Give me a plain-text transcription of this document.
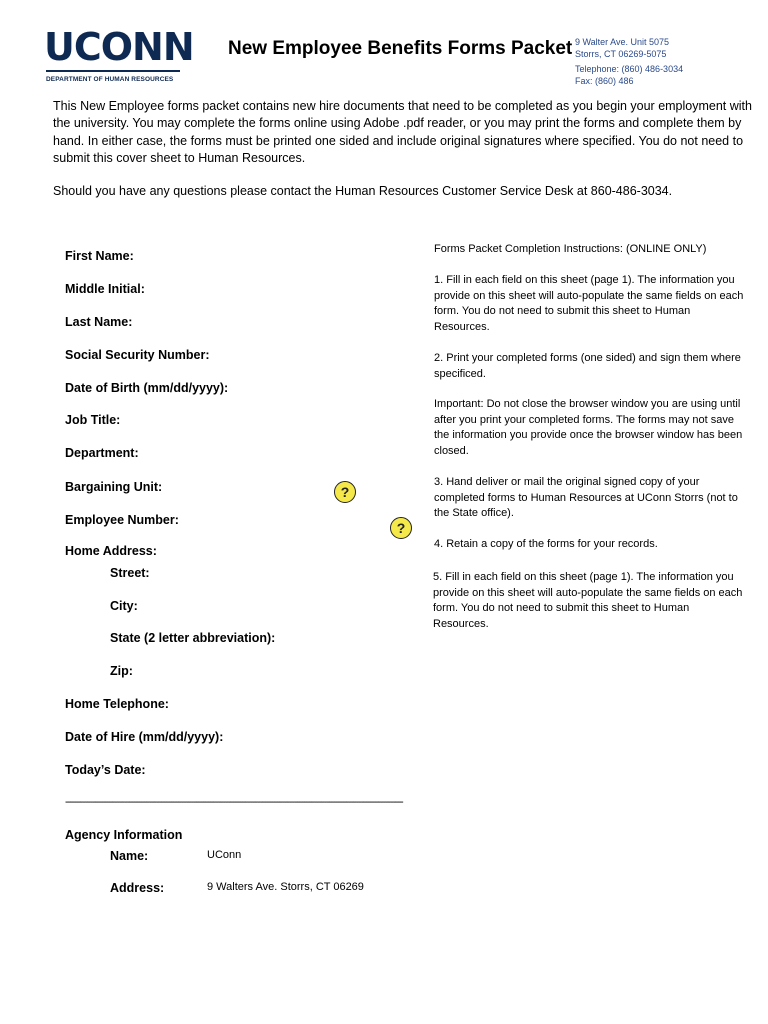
UCONN
DEPARTMENT OF HUMAN RESOURCES
New Employee Benefits Forms Packet 9 Walter Ave. Unit 5075
Storrs, CT 06269-5075
Telephone: (860) 486-3034
Fax: (860) 486
This New Employee forms packet contains new hire documents that need to be completed as you begin your employment with the university. You may complete the forms online using Adobe .pdf reader, or you may print the forms and complete them by hand. In either case, the forms must be printed one sided and include original signatures where specified. You do not need to submit this cover sheet to Human Resources.
Should you have any questions please contact the Human Resources Customer Service Desk at 860-486-3034.
First Name:
Middle Initial:
Last Name:
Social Security Number:
Date of Birth (mm/dd/yyyy):
Job Title:
Department:
Bargaining Unit:
Employee Number:
Home Address:
Street:
City:
State (2 letter abbreviation):
Zip:
Home Telephone:
Date of Hire (mm/dd/yyyy):
Today’s Date:
?
?
Forms Packet Completion Instructions: (ONLINE ONLY)
1. Fill in each field on this sheet (page 1). The information you provide on this sheet will auto-populate the same fields on each form. You do not need to submit this sheet to Human Resources.
2. Print your completed forms (one sided) and sign them where specificed.
Important: Do not close the browser window you are using until after you print your completed forms. The forms may not save the information you provide once the browser window has been closed.
3. Hand deliver or mail the original signed copy of your completed forms to Human Resources at UConn Storrs (not to the State office).
4. Retain a copy of the forms for your records.
5. Fill in each field on this sheet (page 1). The information you provide on this sheet will auto-populate the same fields on each form. You do not need to submit this sheet to Human Resources.
-----------------------------------------------------------------------------------------------------------------------------------------
Agency Information
Name:	UConn
Address:	9 Walters Ave. Storrs, CT 06269
